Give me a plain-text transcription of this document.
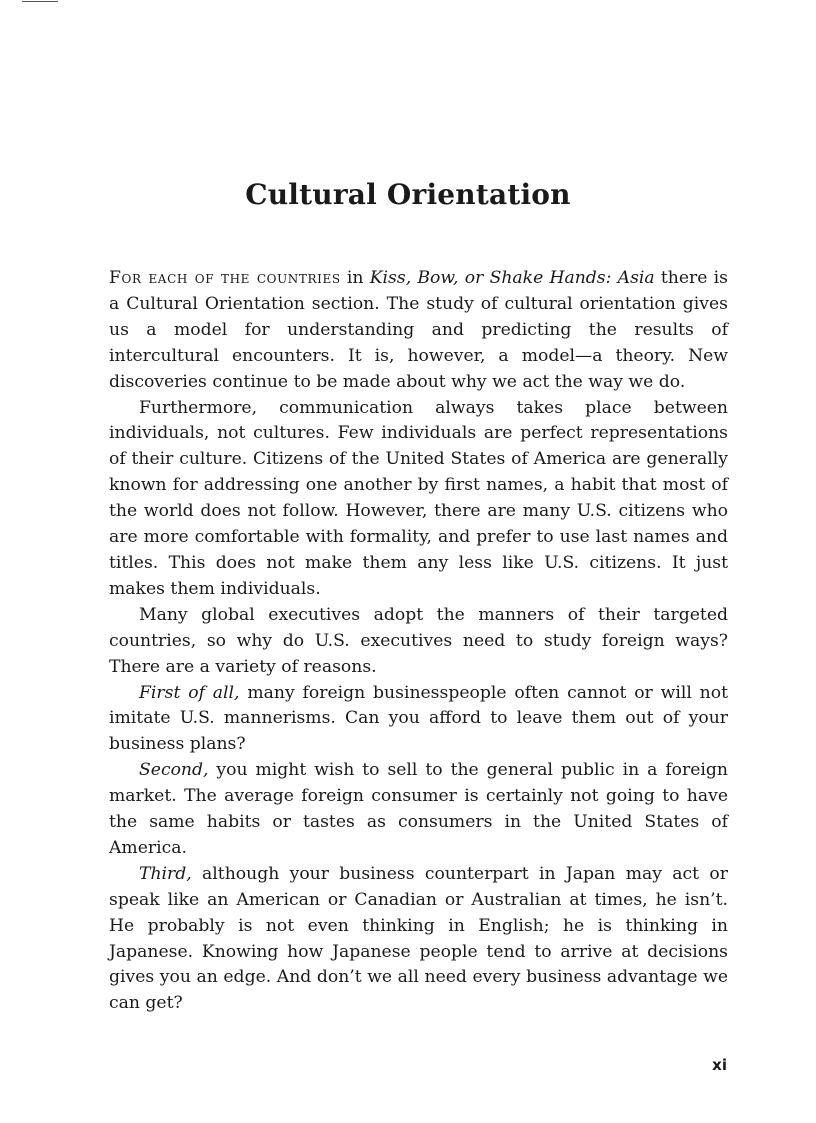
Cultural Orientation

For each of the countries in Kiss, Bow, or Shake Hands: Asia there is a Cultural Orientation section. The study of cultural orientation gives us a model for understanding and predicting the results of intercultural encounters. It is, however, a model—a theory. New discoveries continue to be made about why we act the way we do.

Furthermore, communication always takes place between individuals, not cultures. Few individuals are perfect representations of their culture. Citizens of the United States of America are generally known for addressing one another by first names, a habit that most of the world does not follow. However, there are many U.S. citizens who are more comfortable with formality, and prefer to use last names and titles. This does not make them any less like U.S. citizens. It just makes them individuals.

Many global executives adopt the manners of their targeted countries, so why do U.S. executives need to study foreign ways? There are a variety of reasons.

First of all, many foreign businesspeople often cannot or will not imitate U.S. mannerisms. Can you afford to leave them out of your business plans?

Second, you might wish to sell to the general public in a foreign market. The average foreign consumer is certainly not going to have the same habits or tastes as consumers in the United States of America.

Third, although your business counterpart in Japan may act or speak like an American or Canadian or Australian at times, he isn’t. He probably is not even thinking in English; he is thinking in Japanese. Knowing how Japanese people tend to arrive at decisions gives you an edge. And don’t we all need every business advantage we can get?

xi
